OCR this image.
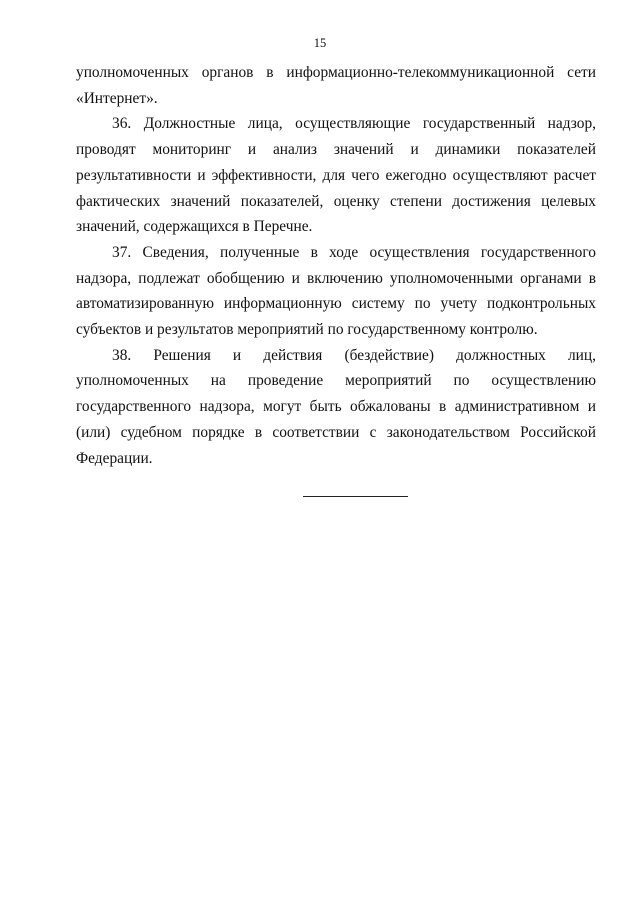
15

уполномоченных органов в информационно-телекоммуникационной сети «Интернет».

36. Должностные лица, осуществляющие государственный надзор, проводят мониторинг и анализ значений и динамики показателей результативности и эффективности, для чего ежегодно осуществляют расчет фактических значений показателей, оценку степени достижения целевых значений, содержащихся в Перечне.

37. Сведения, полученные в ходе осуществления государственного надзора, подлежат обобщению и включению уполномоченными органами в автоматизированную информационную систему по учету подконтрольных субъектов и результатов мероприятий по государственному контролю.

38. Решения и действия (бездействие) должностных лиц, уполномоченных на проведение мероприятий по осуществлению государственного надзора, могут быть обжалованы в административном и (или) судебном порядке в соответствии с законодательством Российской Федерации.
